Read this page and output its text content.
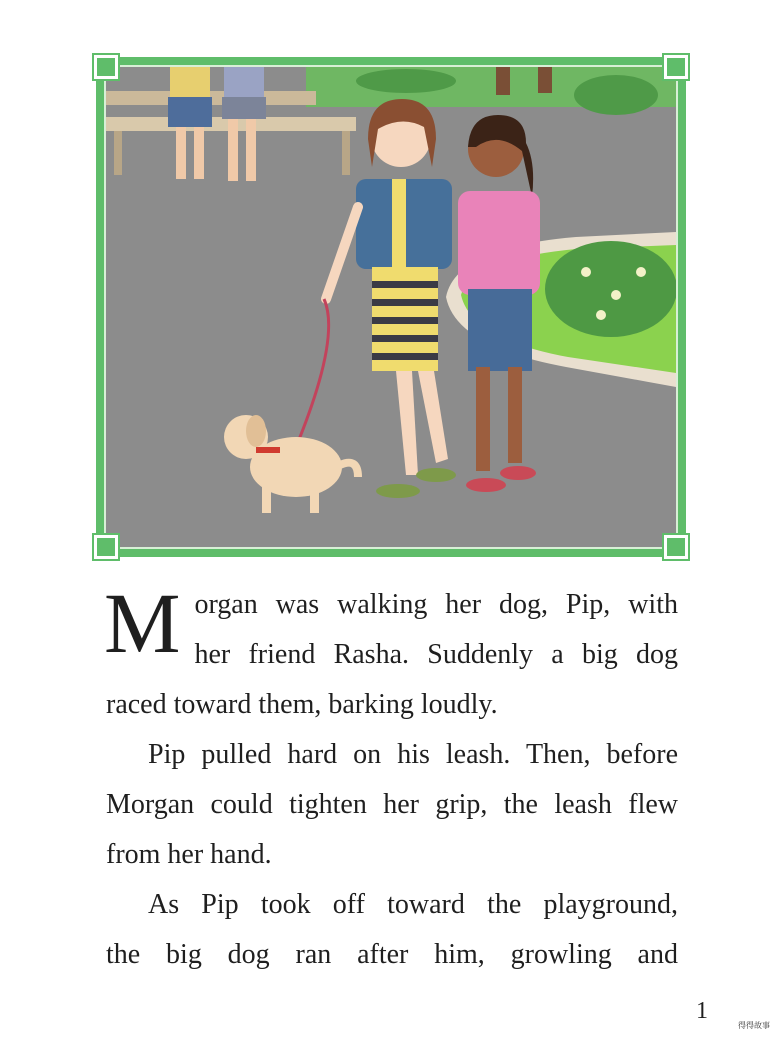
M organ was walking her dog, Pip, with
her friend Rasha. Suddenly a big dog

raced toward them, barking loudly.

Pip pulled hard on his leash. Then, before
Morgan could tighten her grip, the leash flew

from her hand.

As Pip took off toward the playground,
the big dog ran after him, growling and

1
得得故事
